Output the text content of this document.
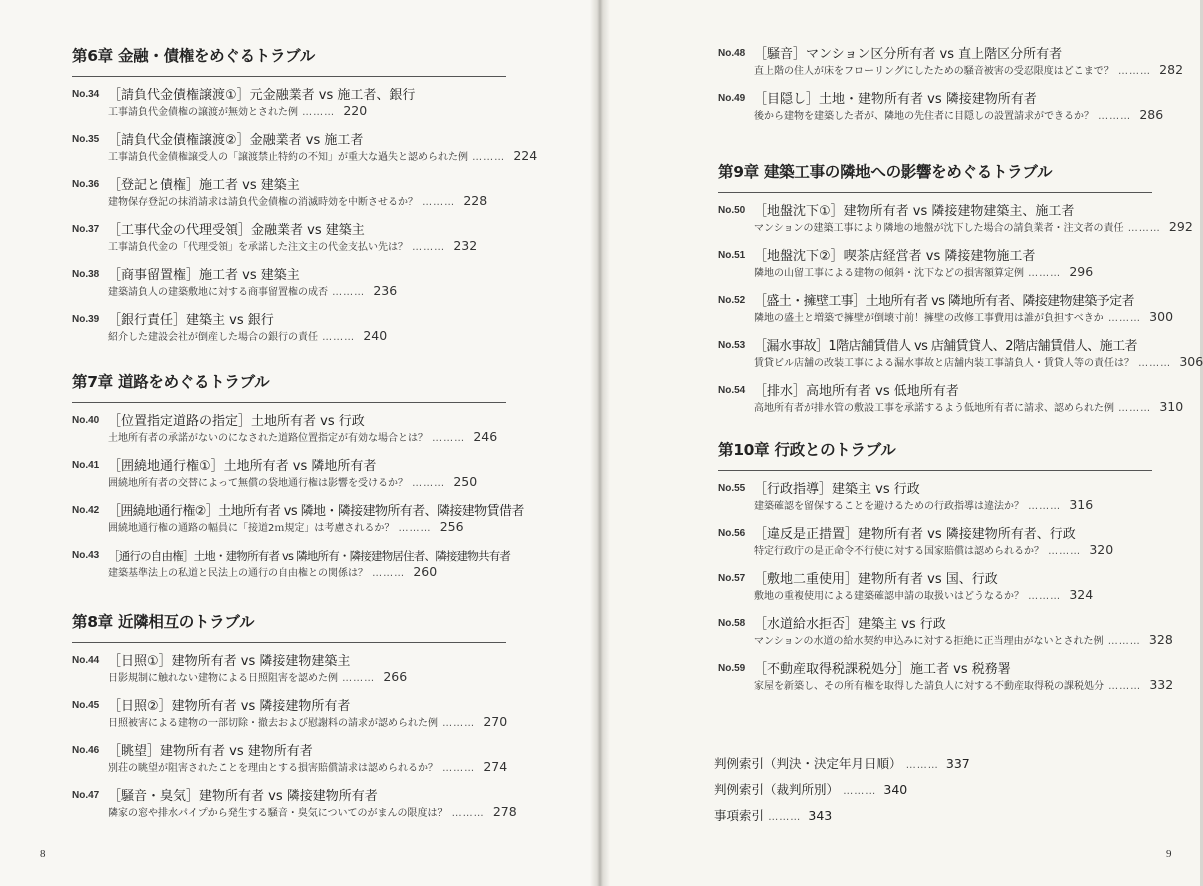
第6章 金融・債権をめぐるトラブル
No.34 ［請負代金債権譲渡①］元金融業者 vs 施工者、銀行
工事請負代金債権の譲渡が無効とされた例 ……… 220
No.35 ［請負代金債権譲渡②］金融業者 vs 施工者
工事請負代金債権譲受人の「譲渡禁止特約の不知」が重大な過失と認められた例 ……… 224
No.36 ［登記と債権］施工者 vs 建築主
建物保存登記の抹消請求は請負代金債権の消滅時効を中断させるか？ ……… 228
No.37 ［工事代金の代理受領］金融業者 vs 建築主
工事請負代金の「代理受領」を承諾した注文主の代金支払い先は？ ……… 232
No.38 ［商事留置権］施工者 vs 建築主
建築請負人の建築敷地に対する商事留置権の成否 ……… 236
No.39 ［銀行責任］建築主 vs 銀行
紹介した建設会社が倒産した場合の銀行の責任 ……… 240
第7章 道路をめぐるトラブル
No.40 ［位置指定道路の指定］土地所有者 vs 行政
土地所有者の承諾がないのになされた道路位置指定が有効な場合とは？ ……… 246
No.41 ［囲繞地通行権①］土地所有者 vs 隣地所有者
囲繞地所有者の交替によって無償の袋地通行権は影響を受けるか？ ……… 250
No.42 ［囲繞地通行権②］土地所有者 vs 隣地・隣接建物所有者、隣接建物賃借者
囲繞地通行権の通路の幅員に「接道2ｍ規定」は考慮されるか？ ……… 256
No.43 ［通行の自由権］土地・建物所有者 vs 隣地所有・隣接建物居住者、隣接建物共有者
建築基準法上の私道と民法上の通行の自由権との関係は？ ……… 260
第8章 近隣相互のトラブル
No.44 ［日照①］建物所有者 vs 隣接建物建築主
日影規制に触れない建物による日照阻害を認めた例 ……… 266
No.45 ［日照②］建物所有者 vs 隣接建物所有者
日照被害による建物の一部切除・撤去および慰謝料の請求が認められた例 ……… 270
No.46 ［眺望］建物所有者 vs 建物所有者
別荘の眺望が阻害されたことを理由とする損害賠償請求は認められるか？ ……… 274
No.47 ［騒音・臭気］建物所有者 vs 隣接建物所有者
隣家の窓や排水パイプから発生する騒音・臭気についてのがまんの限度は？ ……… 278
8
No.48 ［騒音］マンション区分所有者 vs 直上階区分所有者
直上階の住人が床をフローリングにしたための騒音被害の受忍限度はどこまで？ ……… 282
No.49 ［目隠し］土地・建物所有者 vs 隣接建物所有者
後から建物を建築した者が、隣地の先住者に目隠しの設置請求ができるか？ ……… 286
第9章 建築工事の隣地への影響をめぐるトラブル
No.50 ［地盤沈下①］建物所有者 vs 隣接建物建築主、施工者
マンションの建築工事により隣地の地盤が沈下した場合の請負業者・注文者の責任 ……… 292
No.51 ［地盤沈下②］喫茶店経営者 vs 隣接建物施工者
隣地の山留工事による建物の傾斜・沈下などの損害額算定例 ……… 296
No.52 ［盛土・擁壁工事］土地所有者 vs 隣地所有者、隣接建物建築予定者
隣地の盛土と増築で擁壁が倒壊寸前！擁壁の改修工事費用は誰が負担すべきか ……… 300
No.53 ［漏水事故］1階店舗賃借人 vs 店舗賃貸人、2階店舗賃借人、施工者
賃貸ビル店舗の改装工事による漏水事故と店舗内装工事請負人・賃貸人等の責任は？ ……… 306
No.54 ［排水］高地所有者 vs 低地所有者
高地所有者が排水管の敷設工事を承諾するよう低地所有者に請求、認められた例 ……… 310
第10章 行政とのトラブル
No.55 ［行政指導］建築主 vs 行政
建築確認を留保することを避けるための行政指導は違法か？ ……… 316
No.56 ［違反是正措置］建物所有者 vs 隣接建物所有者、行政
特定行政庁の是正命令不行使に対する国家賠償は認められるか？ ……… 320
No.57 ［敷地二重使用］建物所有者 vs 国、行政
敷地の重複使用による建築確認申請の取扱いはどうなるか？ ……… 324
No.58 ［水道給水拒否］建築主 vs 行政
マンションの水道の給水契約申込みに対する拒絶に正当理由がないとされた例 ……… 328
No.59 ［不動産取得税課税処分］施工者 vs 税務署
家屋を新築し、その所有権を取得した請負人に対する不動産取得税の課税処分 ……… 332
判例索引（判決・決定年月日順） ……… 337
判例索引（裁判所別） ……… 340
事項索引 ……… 343
9
